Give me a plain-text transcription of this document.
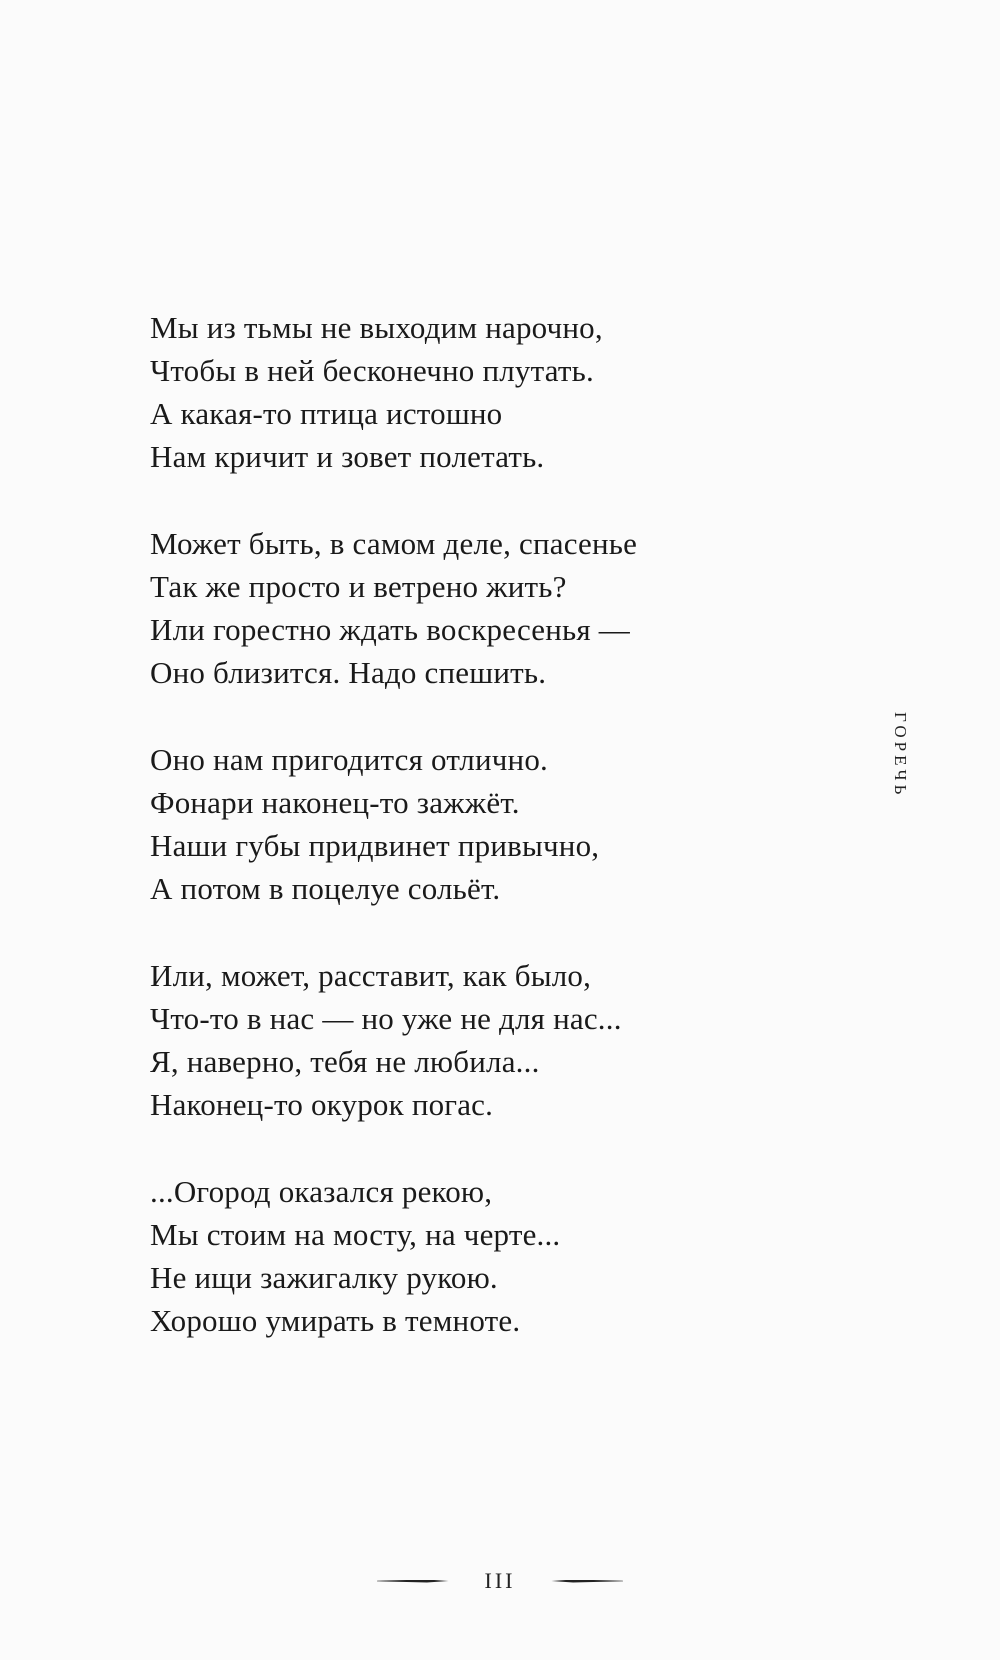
Мы из тьмы не выходим нарочно,
Чтобы в ней бесконечно плутать.
А какая-то птица истошно
Нам кричит и зовет полетать.
Может быть, в самом деле, спасенье
Так же просто и ветрено жить?
Или горестно ждать воскресенья —
Оно близится. Надо спешить.
Оно нам пригодится отлично.
Фонари наконец-то зажжёт.
Наши губы придвинет привычно,
А потом в поцелуе сольёт.
Или, может, расставит, как было,
Что-то в нас — но уже не для нас...
Я, наверно, тебя не любила...
Наконец-то окурок погас.
...Огород оказался рекою,
Мы стоим на мосту, на черте...
Не ищи зажигалку рукою.
Хорошо умирать в темноте.
ГОРЕЧЬ
III
